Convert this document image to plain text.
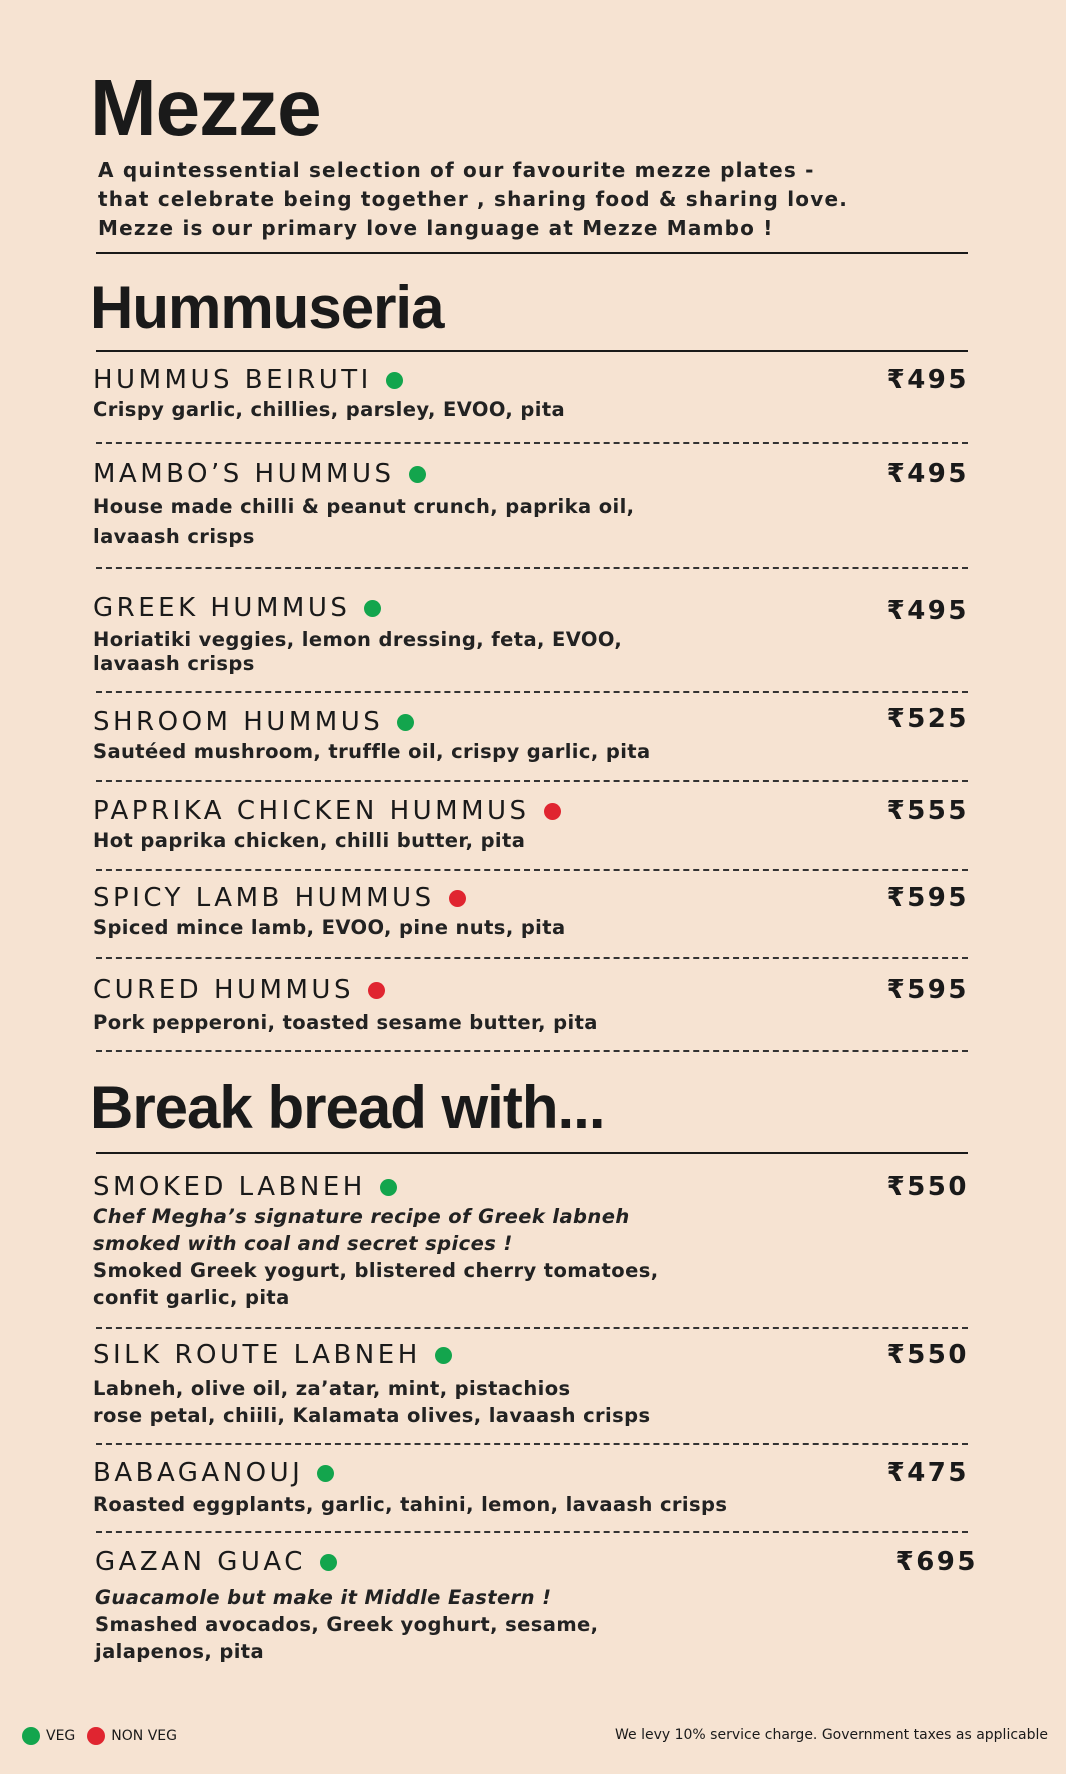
Mezze
A quintessential selection of our favourite mezze plates -
that celebrate being together , sharing food & sharing love.
Mezze is our primary love language at Mezze Mambo !
Hummuseria
HUMMUS BEIRUTI	₹495
Crispy garlic, chillies, parsley, EVOO, pita
MAMBO’S HUMMUS	₹495
House made chilli & peanut crunch, paprika oil,
lavaash crisps
GREEK HUMMUS	₹495
Horiatiki veggies, lemon dressing, feta, EVOO,
lavaash crisps
SHROOM HUMMUS	₹525
Sautéed mushroom, truffle oil, crispy garlic, pita
PAPRIKA CHICKEN HUMMUS	₹555
Hot paprika chicken, chilli butter, pita
SPICY LAMB HUMMUS	₹595
Spiced mince lamb, EVOO, pine nuts, pita
CURED HUMMUS	₹595
Pork pepperoni, toasted sesame butter, pita
Break bread with...
SMOKED LABNEH	₹550
Chef Megha’s signature recipe of Greek labneh
smoked with coal and secret spices !
Smoked Greek yogurt, blistered cherry tomatoes,
confit garlic, pita
SILK ROUTE LABNEH	₹550
Labneh, olive oil, za’atar, mint, pistachios
rose petal, chiili, Kalamata olives, lavaash crisps
BABAGANOUJ	₹475
Roasted eggplants, garlic, tahini, lemon, lavaash crisps
GAZAN GUAC	₹695
Guacamole but make it Middle Eastern !
Smashed avocados, Greek yoghurt, sesame,
jalapenos, pita
VEG	NON VEG	We levy 10% service charge. Government taxes as applicable
